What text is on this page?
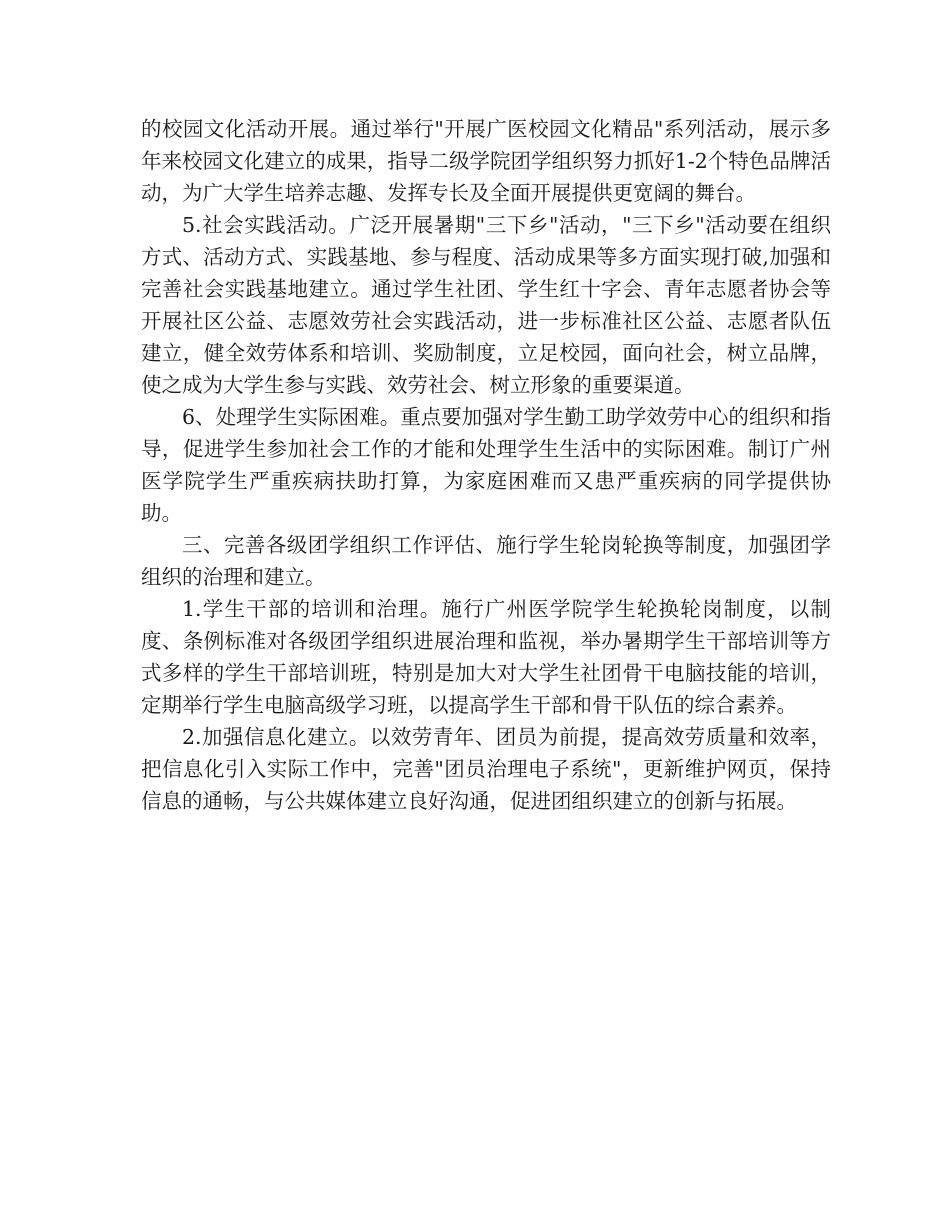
的校园文化活动开展。通过举行"开展广医校园文化精品"系列活动，展示多年来校园文化建立的成果，指导二级学院团学组织努力抓好1-2个特色品牌活动，为广大学生培养志趣、发挥专长及全面开展提供更宽阔的舞台。

5.社会实践活动。广泛开展暑期"三下乡"活动，"三下乡"活动要在组织方式、活动方式、实践基地、参与程度、活动成果等多方面实现打破,加强和完善社会实践基地建立。通过学生社团、学生红十字会、青年志愿者协会等开展社区公益、志愿效劳社会实践活动，进一步标准社区公益、志愿者队伍建立，健全效劳体系和培训、奖励制度，立足校园，面向社会，树立品牌，使之成为大学生参与实践、效劳社会、树立形象的重要渠道。

6、处理学生实际困难。重点要加强对学生勤工助学效劳中心的组织和指导，促进学生参加社会工作的才能和处理学生生活中的实际困难。制订广州医学院学生严重疾病扶助打算，为家庭困难而又患严重疾病的同学提供协助。

三、完善各级团学组织工作评估、施行学生轮岗轮换等制度，加强团学组织的治理和建立。

1.学生干部的培训和治理。施行广州医学院学生轮换轮岗制度，以制度、条例标准对各级团学组织进展治理和监视，举办暑期学生干部培训等方式多样的学生干部培训班，特别是加大对大学生社团骨干电脑技能的培训，定期举行学生电脑高级学习班，以提高学生干部和骨干队伍的综合素养。

2.加强信息化建立。以效劳青年、团员为前提，提高效劳质量和效率，把信息化引入实际工作中，完善"团员治理电子系统"，更新维护网页，保持信息的通畅，与公共媒体建立良好沟通，促进团组织建立的创新与拓展。
